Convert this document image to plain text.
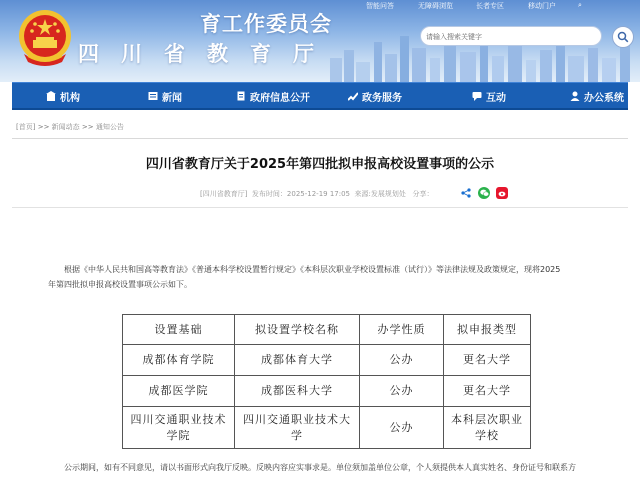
智能问答	无障碍浏览	长者专区	移动门户	⌕
育工作委员会
四川省教育厅
请输入搜索关键字
机构	新闻	政府信息公开	政务服务	互动	办公系统
[首页] >> 新闻动态 >> 通知公告
四川省教育厅关于2025年第四批拟申报高校设置事项的公示
[四川省教育厅] 发布时间：2025-12-19 17:05 来源:发展规划处 分享：
根据《中华人民共和国高等教育法》《普通本科学校设置暂行规定》《本科层次职业学校设置标准（试行）》等法律法规及政策规定，现将2025
年第四批拟申报高校设置事项公示如下。
设置基础	拟设置学校名称	办学性质	拟申报类型
成都体育学院	成都体育大学	公办	更名大学
成都医学院	成都医科大学	公办	更名大学
四川交通职业技术学院	四川交通职业技术大学	公办	本科层次职业学校
公示期间，如有不同意见，请以书面形式向我厅反映。反映内容应实事求是。单位须加盖单位公章，个人须提供本人真实姓名、身份证号和联系方
